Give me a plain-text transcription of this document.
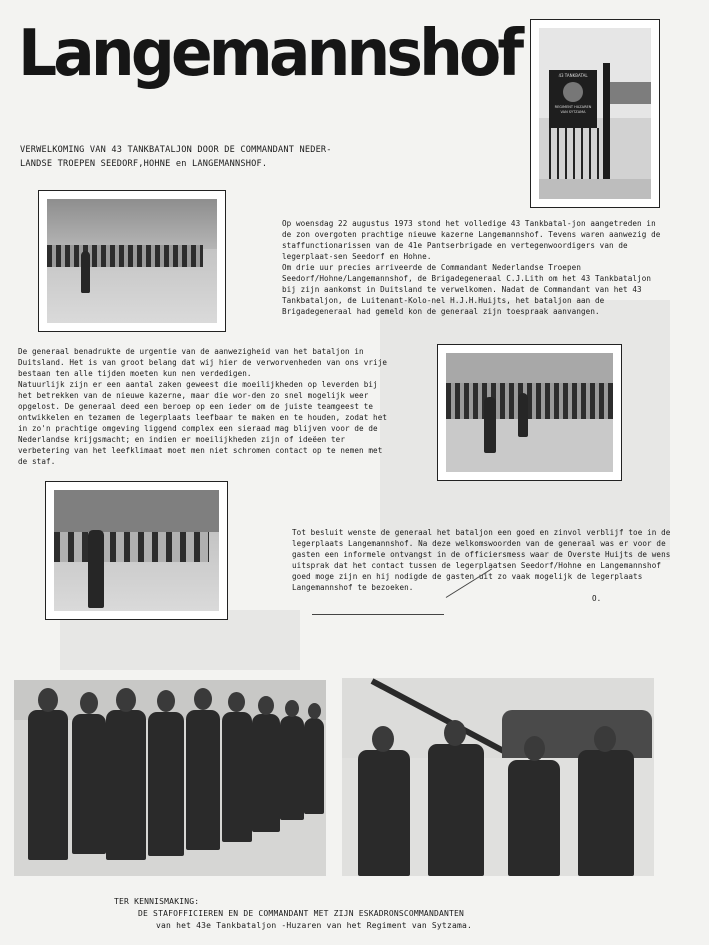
Langemannshof	43 TANKBATAL
REGIMENT HUZAREN
VAN SYTZAMA
VERWELKOMING VAN 43 TANKBATALJON DOOR DE COMMANDANT NEDER-
LANDSE TROEPEN SEEDORF,HOHNE en LANGEMANNSHOF.

Op woensdag 22 augustus 1973 stond het volledige 43 Tankbatal-jon aangetreden in de zon overgoten prachtige nieuwe kazerne Langemannshof. Tevens waren aanwezig de staffunctionarissen van de 41e Pantserbrigade en vertegenwoordigers van de legerplaat-sen Seedorf en Hohne.

Om drie uur precies arriveerde de Commandant Nederlandse Troepen Seedorf/Hohne/Langemannshof, de Brigadegeneraal C.J.Lith om het 43 Tankbataljon bij zijn aankomst in Duitsland te verwelkomen. Nadat de Commandant van het 43 Tankbataljon, de Luitenant-Kolo-nel H.J.H.Huijts, het bataljon aan de Brigadegeneraal had gemeld kon de generaal zijn toespraak aanvangen.

De generaal benadrukte de urgentie van de aanwezigheid van het bataljon in Duitsland. Het is van groot belang dat wij hier de verworvenheden van ons vrije bestaan ten alle tijden moeten kun nen verdedigen.

Natuurlijk zijn er een aantal zaken geweest die moeilijkheden op leverden bij het betrekken van de nieuwe kazerne, maar die wor-den zo snel mogelijk weer opgelost. De generaal deed een beroep op een ieder om de juiste teamgeest te ontwikkelen en tezamen de legerplaats leefbaar te maken en te houden, zodat het in zo'n prachtige omgeving liggend complex een sieraad mag blijven voor de de Nederlandse krijgsmacht; en indien er moeilijkheden zijn of ideëen ter verbetering van het leefklimaat moet men niet schromen contact op te nemen met de staf.

Tot besluit wenste de generaal het bataljon een goed en zinvol verblijf toe in de legerplaats Langemannshof. Na deze welkomswoorden van de generaal was er voor de gasten een informele ontvangst in de officiersmess waar de Overste Huijts de wens uitsprak dat het contact tussen de legerplaatsen Seedorf/Hohne en Langemannshof goed moge zijn en hij nodigde de gasten uit zo vaak mogelijk de legerplaats Langemannshof te bezoeken.

O.

TER KENNISMAKING:
DE STAFOFFICIEREN EN DE COMMANDANT MET ZIJN ESKADRONSCOMMANDANTEN
van het 43e Tankbataljon -Huzaren van het Regiment van Sytzama.
